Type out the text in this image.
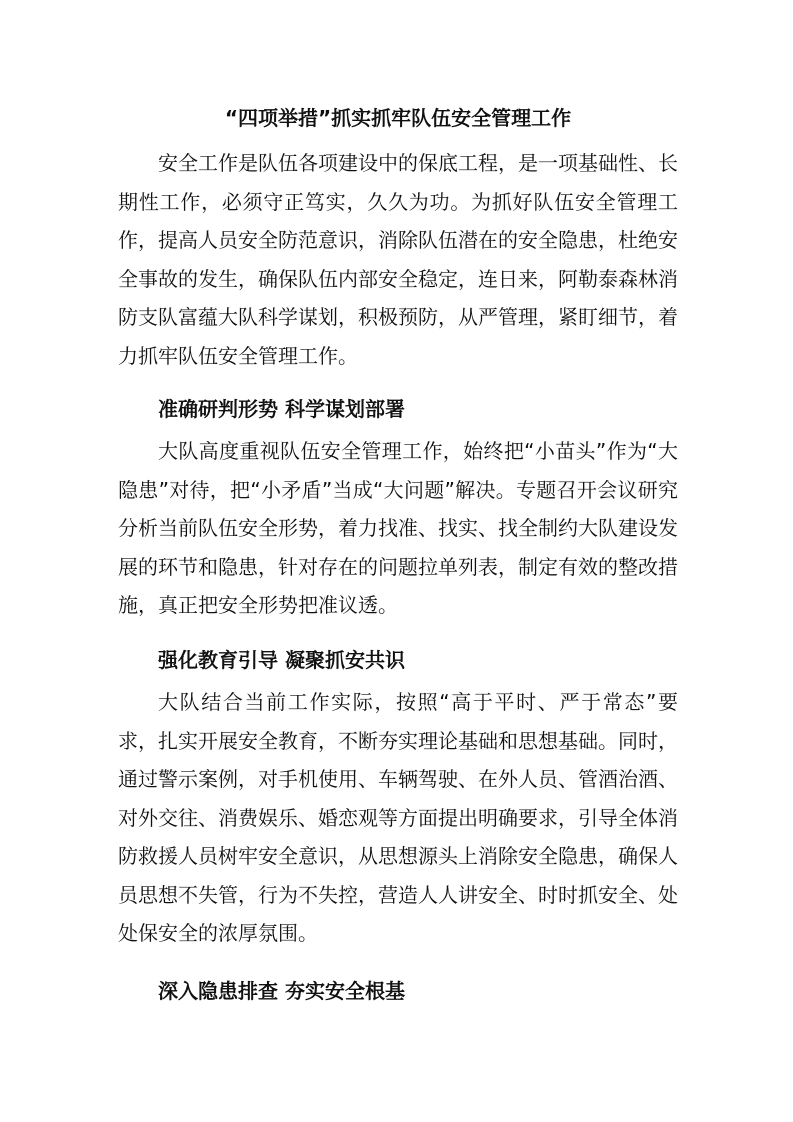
“四项举措”抓实抓牢队伍安全管理工作

安全工作是队伍各项建设中的保底工程，是一项基础性、长期性工作，必须守正笃实，久久为功。为抓好队伍安全管理工作，提高人员安全防范意识，消除队伍潜在的安全隐患，杜绝安全事故的发生，确保队伍内部安全稳定，连日来，阿勒泰森林消防支队富蕴大队科学谋划，积极预防，从严管理，紧盯细节，着力抓牢队伍安全管理工作。

准确研判形势 科学谋划部署

大队高度重视队伍安全管理工作，始终把“小苗头”作为“大隐患”对待，把“小矛盾”当成“大问题”解决。专题召开会议研究分析当前队伍安全形势，着力找准、找实、找全制约大队建设发展的环节和隐患，针对存在的问题拉单列表，制定有效的整改措施，真正把安全形势把准议透。

强化教育引导 凝聚抓安共识

大队结合当前工作实际，按照“高于平时、严于常态”要求，扎实开展安全教育，不断夯实理论基础和思想基础。同时，通过警示案例，对手机使用、车辆驾驶、在外人员、管酒治酒、对外交往、消费娱乐、婚恋观等方面提出明确要求，引导全体消防救援人员树牢安全意识，从思想源头上消除安全隐患，确保人员思想不失管，行为不失控，营造人人讲安全、时时抓安全、处处保安全的浓厚氛围。

深入隐患排查 夯实安全根基
